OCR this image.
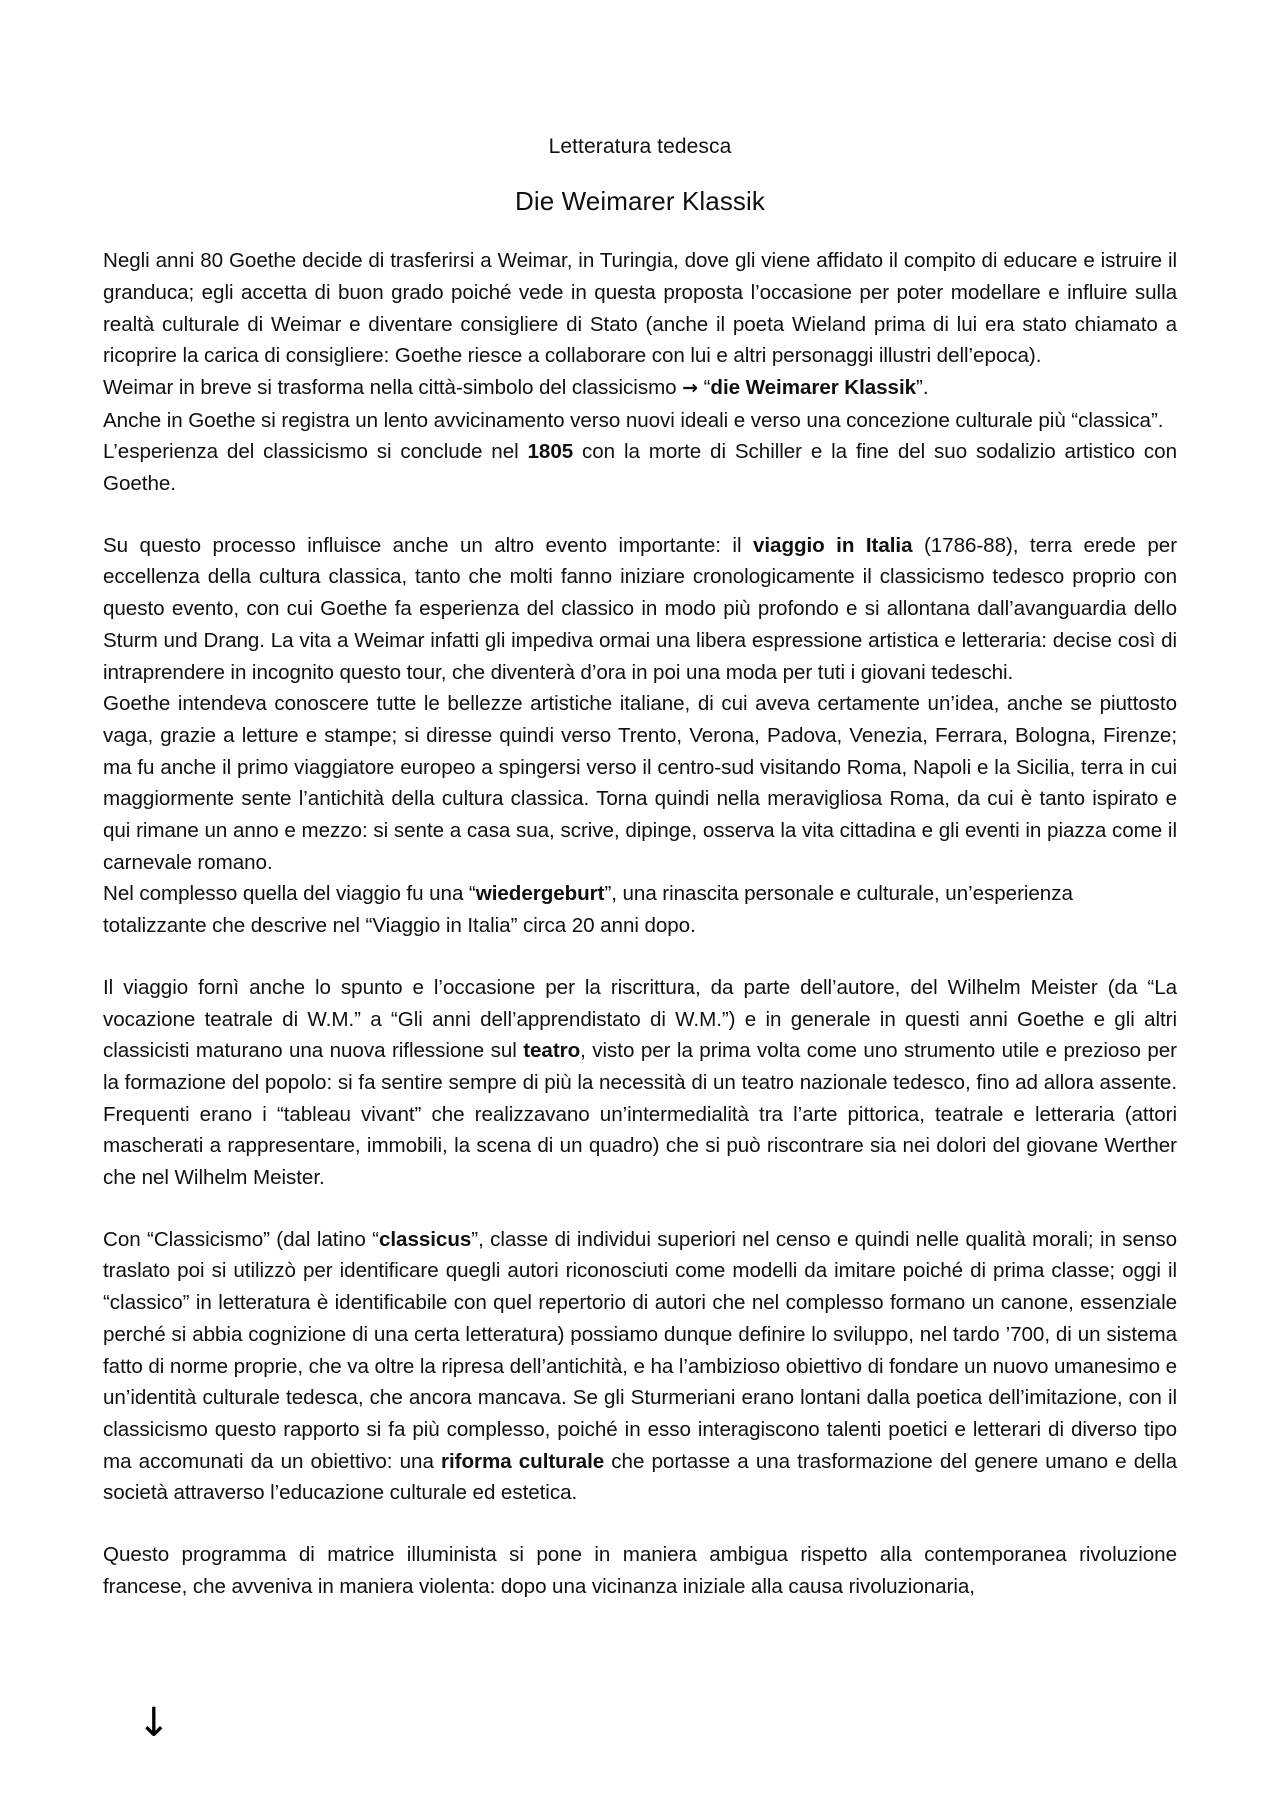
Letteratura tedesca
Die Weimarer Klassik

Negli anni 80 Goethe decide di trasferirsi a Weimar, in Turingia, dove gli viene affidato il compito di educare e istruire il granduca; egli accetta di buon grado poiché vede in questa proposta l’occasione per poter modellare e influire sulla realtà culturale di Weimar e diventare consigliere di Stato (anche il poeta Wieland prima di lui era stato chiamato a ricoprire la carica di consigliere: Goethe riesce a collaborare con lui e altri personaggi illustri dell’epoca).

Weimar in breve si trasforma nella città-simbolo del classicismo → “die Weimarer Klassik”.

Anche in Goethe si registra un lento avvicinamento verso nuovi ideali e verso una concezione culturale più “classica”.

L’esperienza del classicismo si conclude nel 1805 con la morte di Schiller e la fine del suo sodalizio artistico con Goethe.

Su questo processo influisce anche un altro evento importante: il viaggio in Italia (1786-88), terra erede per eccellenza della cultura classica, tanto che molti fanno iniziare cronologicamente il classicismo tedesco proprio con questo evento, con cui Goethe fa esperienza del classico in modo più profondo e si allontana dall’avanguardia dello Sturm und Drang. La vita a Weimar infatti gli impediva ormai una libera espressione artistica e letteraria: decise così di intraprendere in incognito questo tour, che diventerà d’ora in poi una moda per tuti i giovani tedeschi.

Goethe intendeva conoscere tutte le bellezze artistiche italiane, di cui aveva certamente un’idea, anche se piuttosto vaga, grazie a letture e stampe; si diresse quindi verso Trento, Verona, Padova, Venezia, Ferrara, Bologna, Firenze; ma fu anche il primo viaggiatore europeo a spingersi verso il centro-sud visitando Roma, Napoli e la Sicilia, terra in cui maggiormente sente l’antichità della cultura classica. Torna quindi nella meravigliosa Roma, da cui è tanto ispirato e qui rimane un anno e mezzo: si sente a casa sua, scrive, dipinge, osserva la vita cittadina e gli eventi in piazza come il carnevale romano.

Nel complesso quella del viaggio fu una “wiedergeburt”, una rinascita personale e culturale, un’esperienza totalizzante che descrive nel “Viaggio in Italia” circa 20 anni dopo.

Il viaggio fornì anche lo spunto e l’occasione per la riscrittura, da parte dell’autore, del Wilhelm Meister (da “La vocazione teatrale di W.M.” a “Gli anni dell’apprendistato di W.M.”) e in generale in questi anni Goethe e gli altri classicisti maturano una nuova riflessione sul teatro, visto per la prima volta come uno strumento utile e prezioso per la formazione del popolo: si fa sentire sempre di più la necessità di un teatro nazionale tedesco, fino ad allora assente. Frequenti erano i “tableau vivant” che realizzavano un’intermedialità tra l’arte pittorica, teatrale e letteraria (attori mascherati a rappresentare, immobili, la scena di un quadro) che si può riscontrare sia nei dolori del giovane Werther che nel Wilhelm Meister.

Con “Classicismo” (dal latino “classicus”, classe di individui superiori nel censo e quindi nelle qualità morali; in senso traslato poi si utilizzò per identificare quegli autori riconosciuti come modelli da imitare poiché di prima classe; oggi il “classico” in letteratura è identificabile con quel repertorio di autori che nel complesso formano un canone, essenziale perché si abbia cognizione di una certa letteratura) possiamo dunque definire lo sviluppo, nel tardo ’700, di un sistema fatto di norme proprie, che va oltre la ripresa dell’antichità, e ha l’ambizioso obiettivo di fondare un nuovo umanesimo e un’identità culturale tedesca, che ancora mancava. Se gli Sturmeriani erano lontani dalla poetica dell’imitazione, con il classicismo questo rapporto si fa più complesso, poiché in esso interagiscono talenti poetici e letterari di diverso tipo ma accomunati da un obiettivo: una riforma culturale che portasse a una trasformazione del genere umano e della società attraverso l’educazione culturale ed estetica.

Questo programma di matrice illuminista si pone in maniera ambigua rispetto alla contemporanea rivoluzione francese, che avveniva in maniera violenta: dopo una vicinanza iniziale alla causa rivoluzionaria,

↓
